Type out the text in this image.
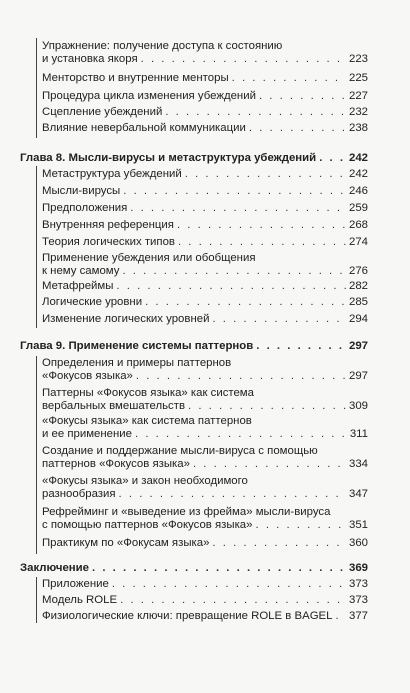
Упражнение: получение доступа к состоянию
и установка якоря . . .	223
Менторство и внутренние менторы . . .	225
Процедура цикла изменения убеждений . . .	227
Сцепление убеждений . . .	232
Влияние невербальной коммуникации . . .	238
Глава 8. Мысли-вирусы и метаструктура убеждений . . .	242
Метаструктура убеждений . . .	242
Мысли-вирусы . . .	246
Предположения . . .	259
Внутренняя референция . . .	268
Теория логических типов . . .	274
Применение убеждения или обобщения
к нему самому . . .	276
Метафреймы . . .	282
Логические уровни . . .	285
Изменение логических уровней . . .	294
Глава 9. Применение системы паттернов . . .	297
Определения и примеры паттернов
«Фокусов языка» . . .	297
Паттерны «Фокусов языка» как система
вербальных вмешательств . . .	309
«Фокусы языка» как система паттернов
и ее применение . . .	311
Создание и поддержание мысли-вируса с помощью
паттернов «Фокусов языка» . . .	334
«Фокусы языка» и закон необходимого
разнообразия . . .	347
Рефрейминг и «выведение из фрейма» мысли-вируса
с помощью паттернов «Фокусов языка» . . .	351
Практикум по «Фокусам языка» . . .	360
Заключение . . .	369
Приложение . . .	373
Модель ROLE . . .	373
Физиологические ключи: превращение ROLE в BAGEL . . . 377
